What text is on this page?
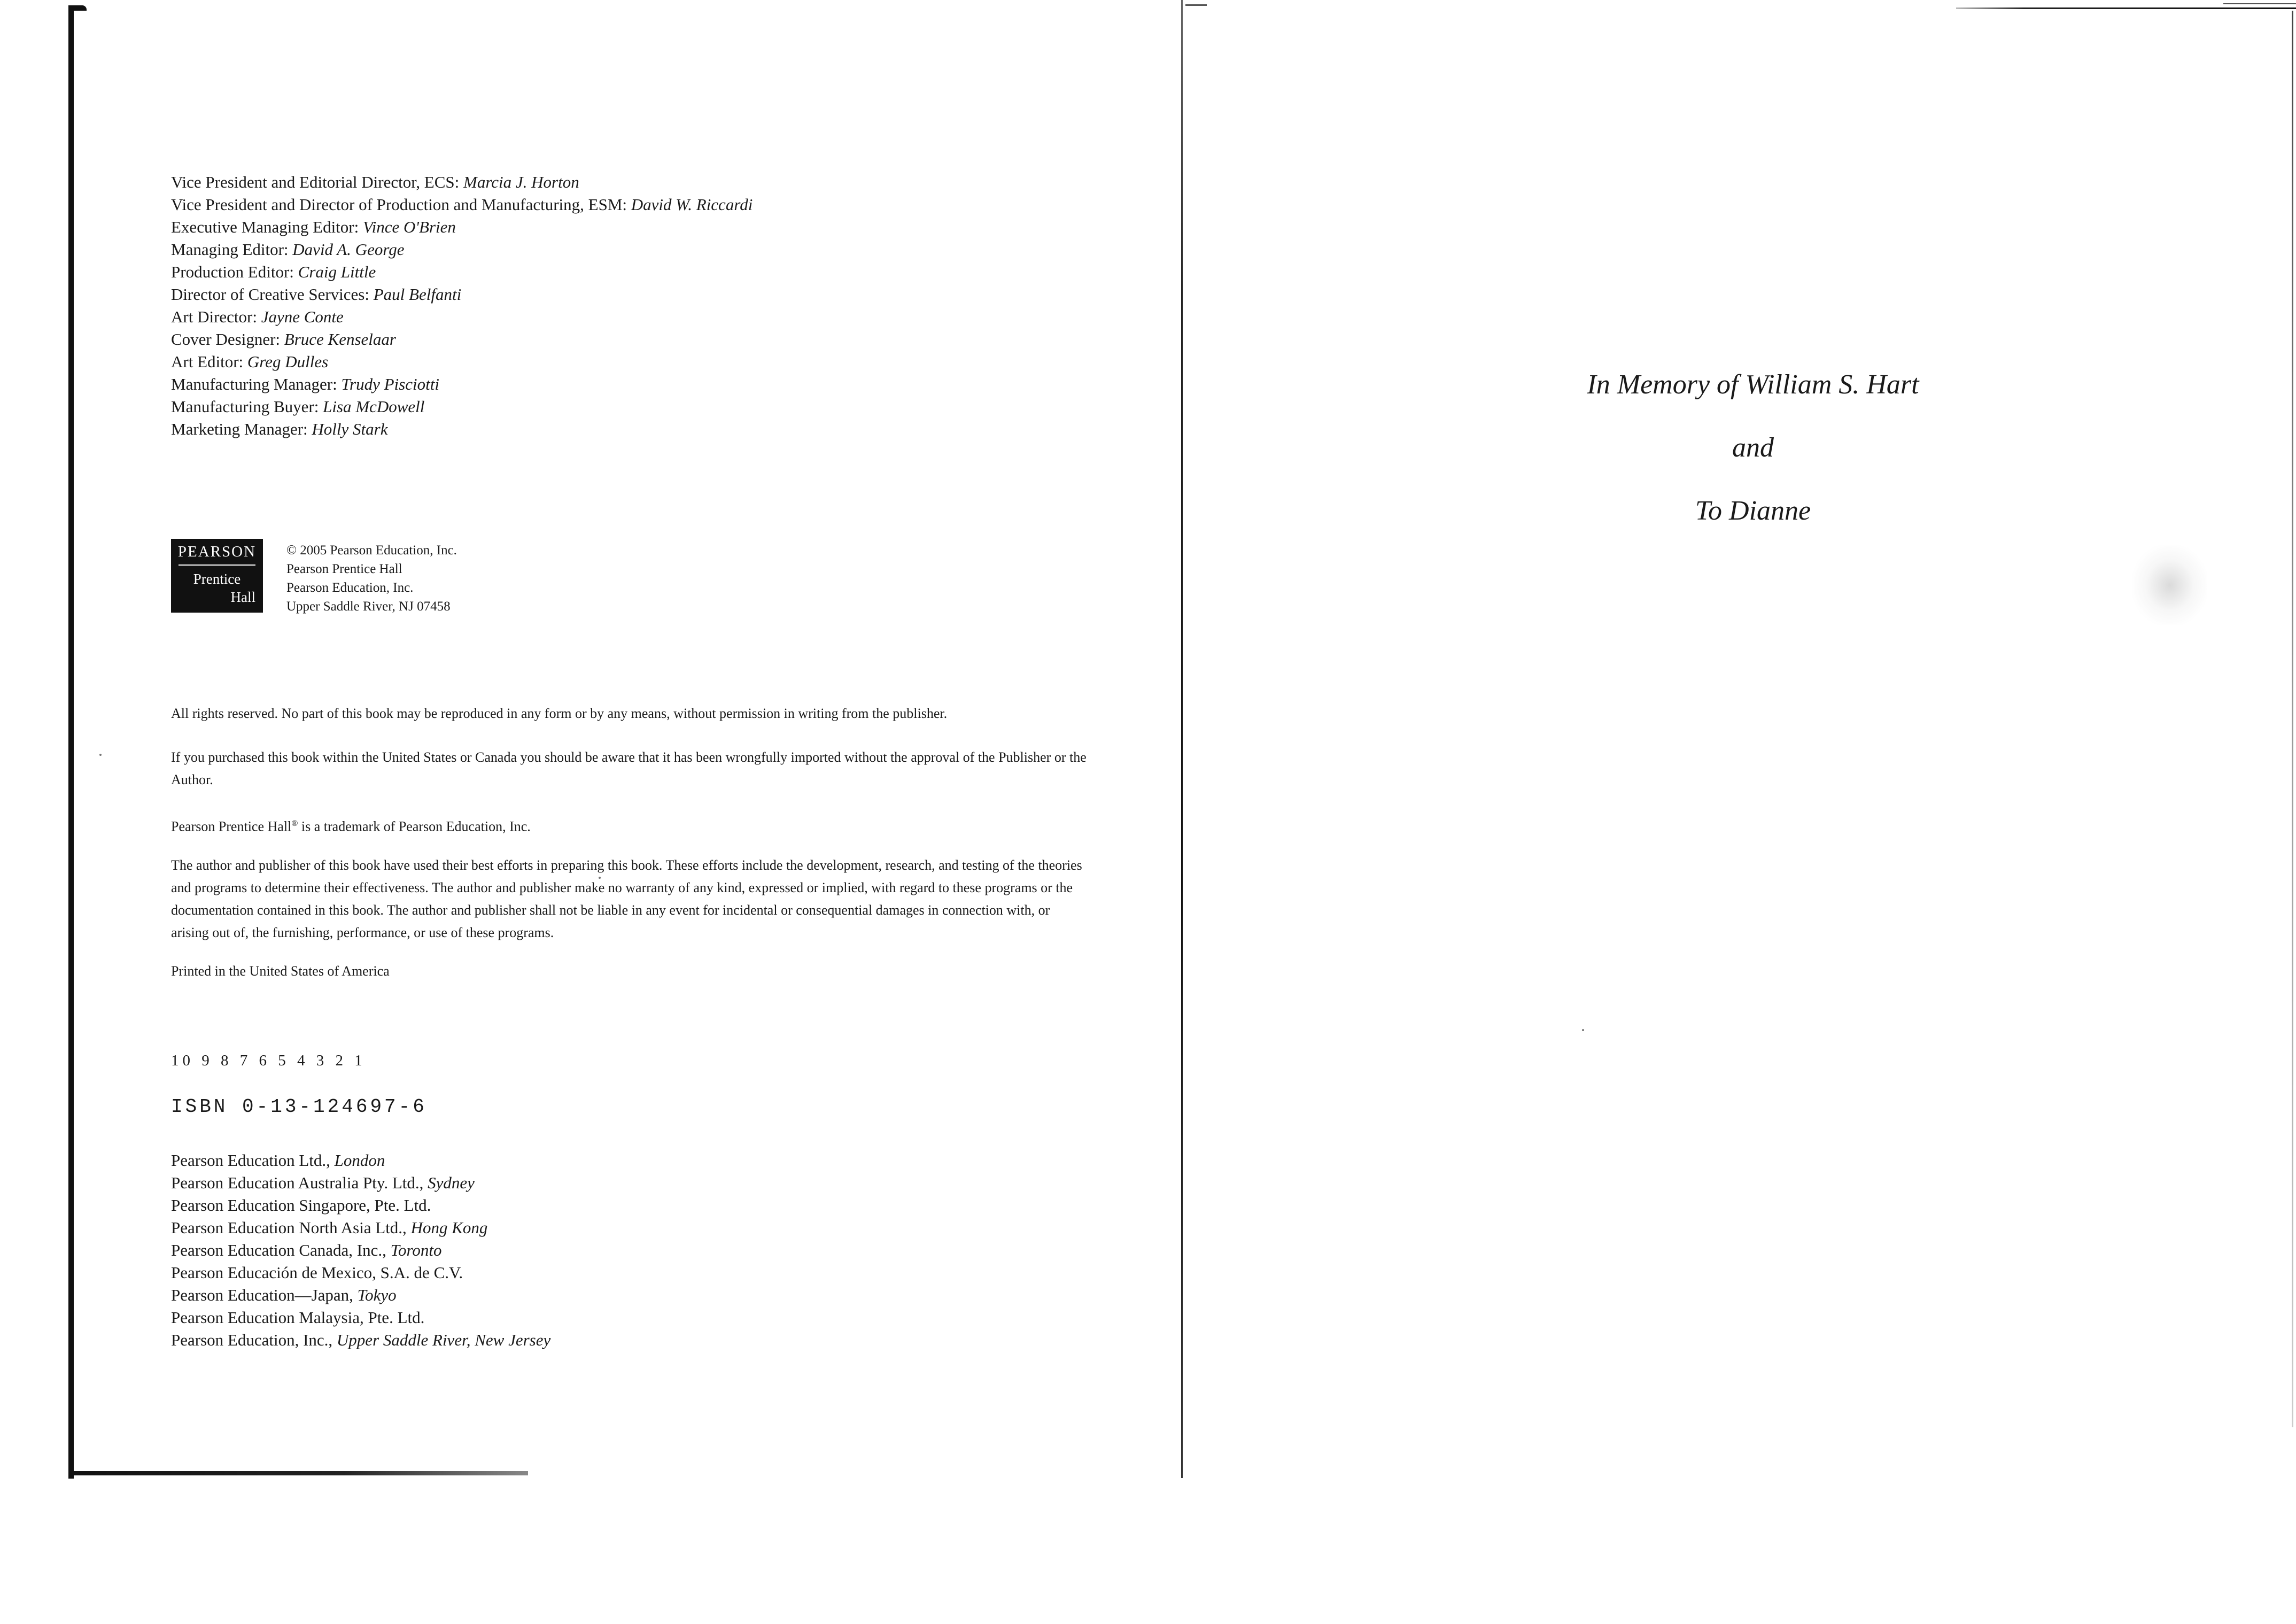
Vice President and Editorial Director, ECS: Marcia J. Horton
Vice President and Director of Production and Manufacturing, ESM: David W. Riccardi
Executive Managing Editor: Vince O'Brien
Managing Editor: David A. George
Production Editor: Craig Little
Director of Creative Services: Paul Belfanti
Art Director: Jayne Conte
Cover Designer: Bruce Kenselaar
Art Editor: Greg Dulles
Manufacturing Manager: Trudy Pisciotti
Manufacturing Buyer: Lisa McDowell
Marketing Manager: Holly Stark
PEARSON
Prentice
Hall
© 2005 Pearson Education, Inc.
Pearson Prentice Hall
Pearson Education, Inc.
Upper Saddle River, NJ 07458

All rights reserved. No part of this book may be reproduced in any form or by any means, without permission in writing from the publisher.

If you purchased this book within the United States or Canada you should be aware that it has been wrongfully imported without the approval of the Publisher or the Author.

Pearson Prentice Hall® is a trademark of Pearson Education, Inc.

The author and publisher of this book have used their best efforts in preparing this book. These efforts include the development, research, and testing of the theories and programs to determine their effectiveness. The author and publisher make no warranty of any kind, expressed or implied, with regard to these programs or the documentation contained in this book. The author and publisher shall not be liable in any event for incidental or consequential damages in connection with, or arising out of, the furnishing, performance, or use of these programs.

Printed in the United States of America

10 9 8 7 6 5 4 3 2 1
ISBN 0-13-124697-6
Pearson Education Ltd., London
Pearson Education Australia Pty. Ltd., Sydney
Pearson Education Singapore, Pte. Ltd.
Pearson Education North Asia Ltd., Hong Kong
Pearson Education Canada, Inc., Toronto
Pearson Educación de Mexico, S.A. de C.V.
Pearson Education—Japan, Tokyo
Pearson Education Malaysia, Pte. Ltd.
Pearson Education, Inc., Upper Saddle River, New Jersey
In Memory of William S. Hart
and
To Dianne
